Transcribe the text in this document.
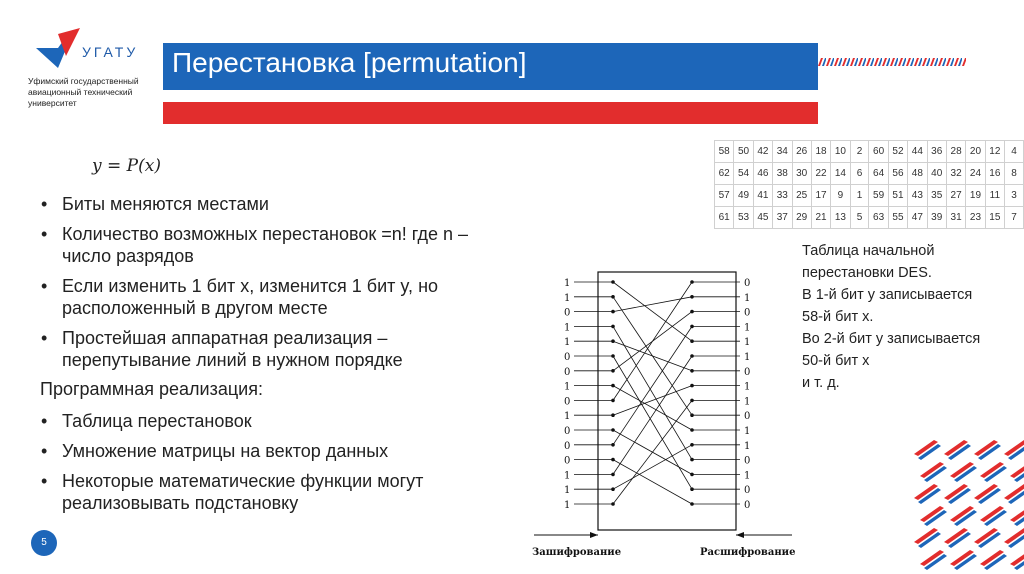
УГАТУ

Уфимский государственный авиационный технический университет

Перестановка [permutation]

y = P(x)

• Биты меняются местами
• Количество возможных перестановок =n! где n – число разрядов
• Если изменить 1 бит x, изменится 1 бит y, но расположенный в другом месте
• Простейшая аппаратная реализация – перепутывание линий в нужном порядке

Программная реализация:

• Таблица перестановок
• Умножение матрицы на вектор данных
• Некоторые математические функции могут реализовывать подстановку
58	50	42	34	26	18	10	2	60	52	44	36	28	20	12	4
62	54	46	38	30	22	14	6	64	56	48	40	32	24	16	8
57	49	41	33	25	17	9	1	59	51	43	35	27	19	11	3
61	53	45	37	29	21	13	5	63	55	47	39	31	23	15	7

Таблица начальной
перестановки DES.
В 1-й бит y записывается
58-й бит x.
Во 2-й бит y записывается
50-й бит x
и т. д.

1	0
1	1
0	0
1	1
1	1
0	1
0	0
1	1
0	1
1	0
0	1
0	1
0	0
1	1
1	0
1	0
Зашифрование	Расшифрование
5
